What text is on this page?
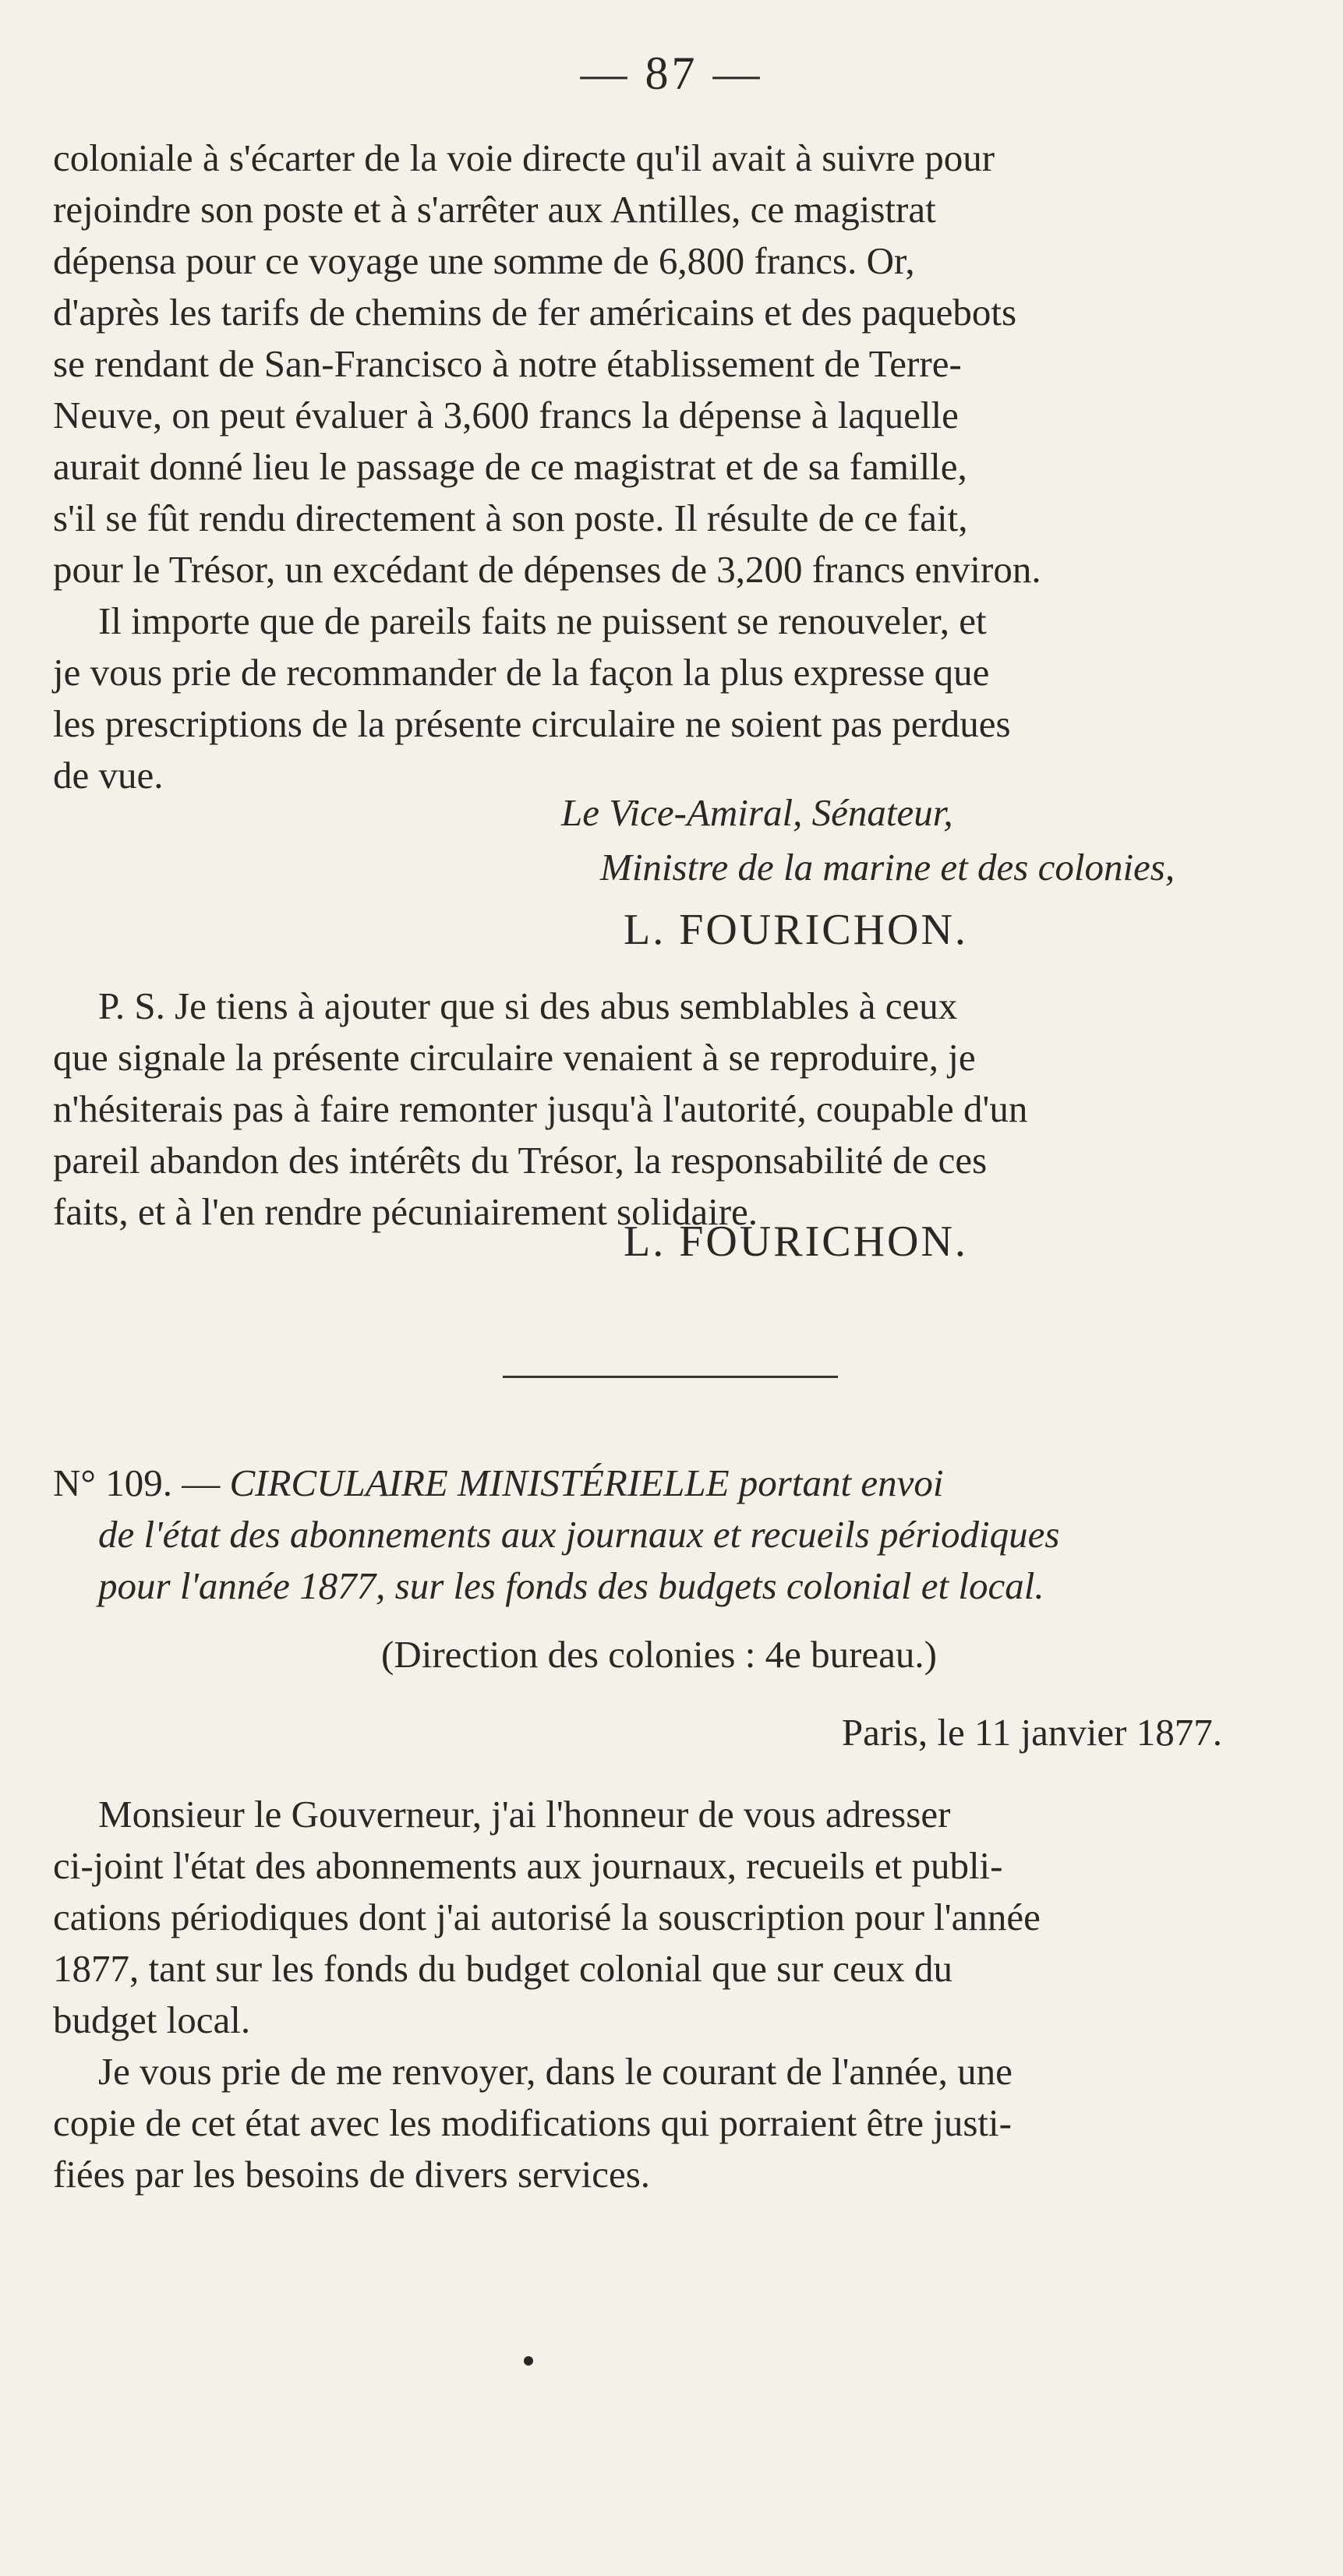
— 87 —
coloniale à s'écarter de la voie directe qu'il avait à suivre pour
rejoindre son poste et à s'arrêter aux Antilles, ce magistrat
dépensa pour ce voyage une somme de 6,800 francs. Or,
d'après les tarifs de chemins de fer américains et des paquebots
se rendant de San-Francisco à notre établissement de Terre-
Neuve, on peut évaluer à 3,600 francs la dépense à laquelle
aurait donné lieu le passage de ce magistrat et de sa famille,
s'il se fût rendu directement à son poste. Il résulte de ce fait,
pour le Trésor, un excédant de dépenses de 3,200 francs environ.
Il importe que de pareils faits ne puissent se renouveler, et
je vous prie de recommander de la façon la plus expresse que
les prescriptions de la présente circulaire ne soient pas perdues
de vue.
Le Vice-Amiral, Sénateur,
Ministre de la marine et des colonies,
L. FOURICHON.
P. S. Je tiens à ajouter que si des abus semblables à ceux
que signale la présente circulaire venaient à se reproduire, je
n'hésiterais pas à faire remonter jusqu'à l'autorité, coupable d'un
pareil abandon des intérêts du Trésor, la responsabilité de ces
faits, et à l'en rendre pécuniairement solidaire.
L. FOURICHON.
N° 109. — CIRCULAIRE MINISTÉRIELLE portant envoi
de l'état des abonnements aux journaux et recueils périodiques
pour l'année 1877, sur les fonds des budgets colonial et local.
(Direction des colonies : 4e bureau.)
Paris, le 11 janvier 1877.
Monsieur le Gouverneur, j'ai l'honneur de vous adresser
ci-joint l'état des abonnements aux journaux, recueils et publi-
cations périodiques dont j'ai autorisé la souscription pour l'année
1877, tant sur les fonds du budget colonial que sur ceux du
budget local.
Je vous prie de me renvoyer, dans le courant de l'année, une
copie de cet état avec les modifications qui porraient être justi-
fiées par les besoins de divers services.
